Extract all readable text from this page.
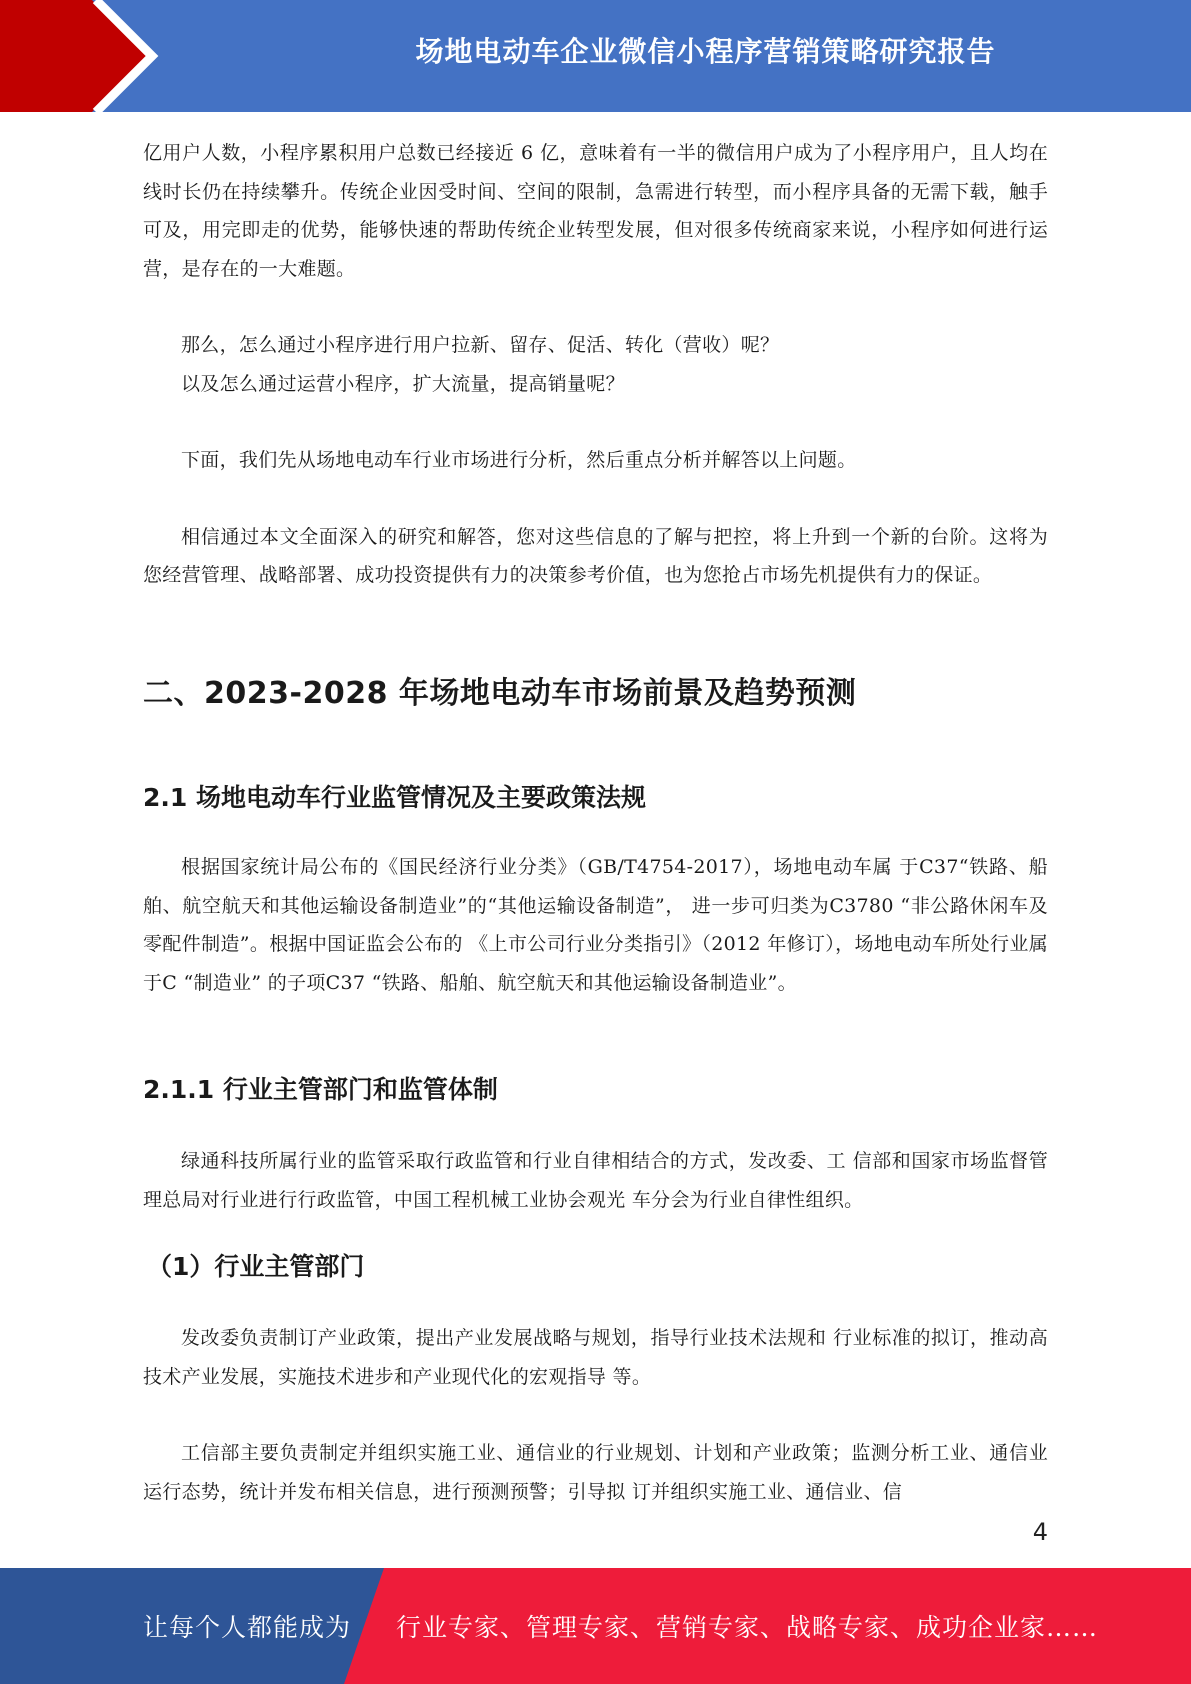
场地电动车企业微信小程序营销策略研究报告

亿用户人数，小程序累积用户总数已经接近 6 亿，意味着有一半的微信用户成为了小程序用户，且人均在线时长仍在持续攀升。传统企业因受时间、空间的限制，急需进行转型，而小程序具备的无需下载，触手可及，用完即走的优势，能够快速的帮助传统企业转型发展，但对很多传统商家来说，小程序如何进行运营，是存在的一大难题。

那么，怎么通过小程序进行用户拉新、留存、促活、转化（营收）呢？

以及怎么通过运营小程序，扩大流量，提高销量呢？

下面，我们先从场地电动车行业市场进行分析，然后重点分析并解答以上问题。

相信通过本文全面深入的研究和解答，您对这些信息的了解与把控，将上升到一个新的台阶。这将为您经营管理、战略部署、成功投资提供有力的决策参考价值，也为您抢占市场先机提供有力的保证。

二、2023-2028 年场地电动车市场前景及趋势预测
2.1 场地电动车行业监管情况及主要政策法规

根据国家统计局公布的《国民经济行业分类》（GB/T4754-2017），场地电动车属 于C37“铁路、船舶、航空航天和其他运输设备制造业”的“其他运输设备制造”， 进一步可归类为C3780 “非公路休闲车及零配件制造”。根据中国证监会公布的 《上市公司行业分类指引》（2012 年修订），场地电动车所处行业属于C “制造业” 的子项C37 “铁路、船舶、航空航天和其他运输设备制造业”。

2.1.1 行业主管部门和监管体制

绿通科技所属行业的监管采取行政监管和行业自律相结合的方式，发改委、工 信部和国家市场监督管理总局对行业进行行政监管，中国工程机械工业协会观光 车分会为行业自律性组织。

（1）行业主管部门

发改委负责制订产业政策，提出产业发展战略与规划，指导行业技术法规和 行业标准的拟订，推动高技术产业发展，实施技术进步和产业现代化的宏观指导 等。

工信部主要负责制定并组织实施工业、通信业的行业规划、计划和产业政策；监测分析工业、通信业运行态势，统计并发布相关信息，进行预测预警；引导拟 订并组织实施工业、通信业、信

4
让每个人都能成为 行业专家、管理专家、营销专家、战略专家、成功企业家……
